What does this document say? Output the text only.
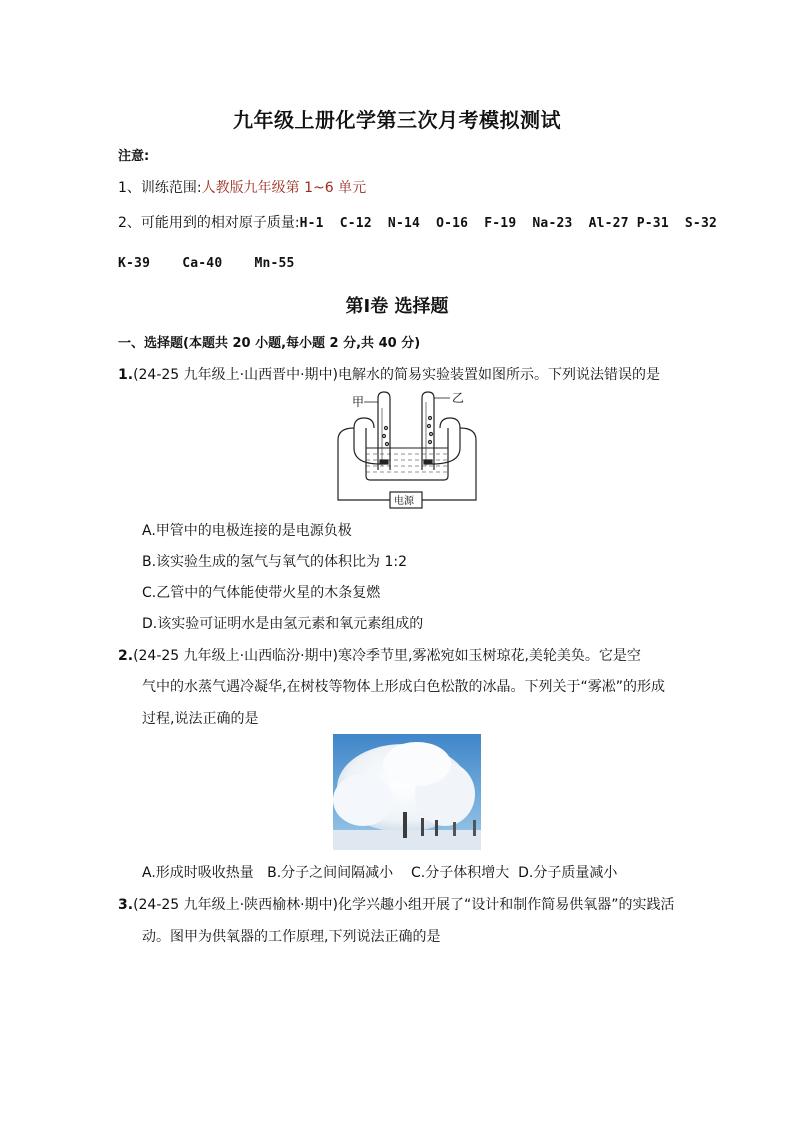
九年级上册化学第三次月考模拟测试
注意:
1、训练范围:人教版九年级第 1~6 单元
2、可能用到的相对原子质量:H-1  C-12  N-14  O-16  F-19  Na-23  Al-27 P-31  S-32
K-39    Ca-40    Mn-55
第Ⅰ卷 选择题
一、选择题(本题共 20 小题,每小题 2 分,共 40 分)
1.(24-25 九年级上·山西晋中·期中)电解水的简易实验装置如图所示。下列说法错误的是
甲	乙
电源
A.甲管中的电极连接的是电源负极
B.该实验生成的氢气与氧气的体积比为 1:2
C.乙管中的气体能使带火星的木条复燃
D.该实验可证明水是由氢元素和氧元素组成的
2.(24-25 九年级上·山西临汾·期中)寒冷季节里,雾凇宛如玉树琼花,美轮美奂。它是空
气中的水蒸气遇冷凝华,在树枝等物体上形成白色松散的冰晶。下列关于“雾凇”的形成
过程,说法正确的是
A.形成时吸收热量   B.分子之间间隔减小    C.分子体积增大  D.分子质量减小
3.(24-25 九年级上·陕西榆林·期中)化学兴趣小组开展了“设计和制作简易供氧器”的实践活
动。图甲为供氧器的工作原理,下列说法正确的是
